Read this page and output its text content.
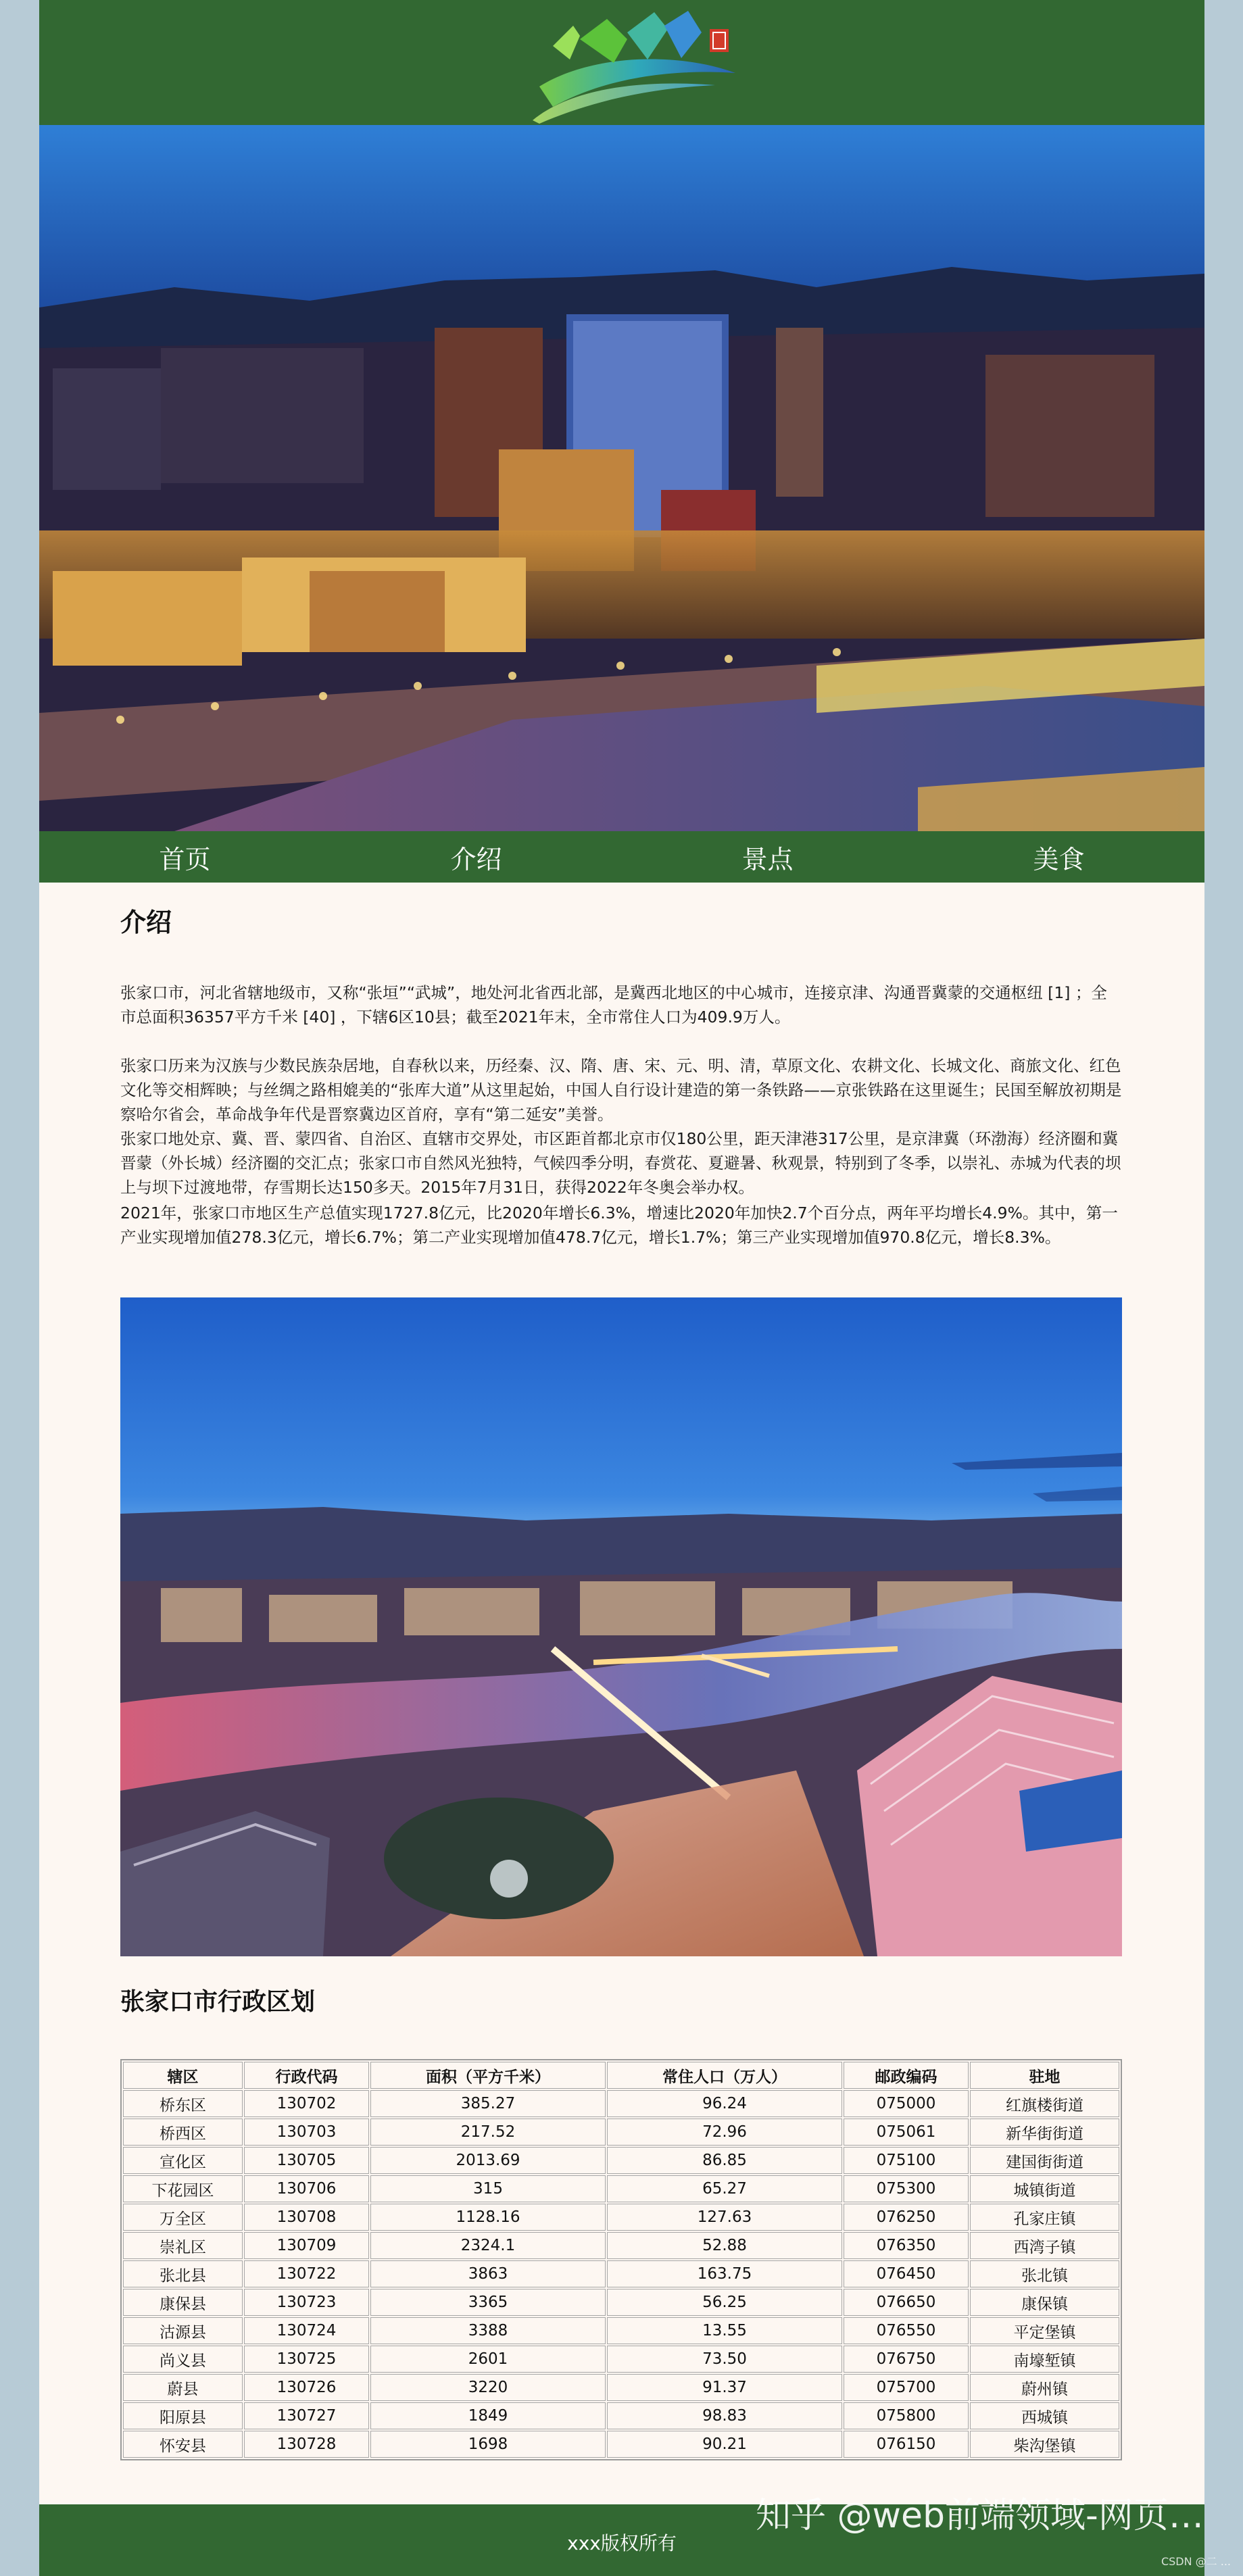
首页	介绍	景点	美食
介绍

张家口市，河北省辖地级市，又称“张垣”“武城”，地处河北省西北部，是冀西北地区的中心城市，连接京津、沟通晋冀蒙的交通枢纽 [1] ；全市总面积36357平方千米 [40] ，下辖6区10县；截至2021年末，全市常住人口为409.9万人。

张家口历来为汉族与少数民族杂居地，自春秋以来，历经秦、汉、隋、唐、宋、元、明、清，草原文化、农耕文化、长城文化、商旅文化、红色文化等交相辉映；与丝绸之路相媲美的“张库大道”从这里起始，中国人自行设计建造的第一条铁路——京张铁路在这里诞生；民国至解放初期是察哈尔省会，革命战争年代是晋察冀边区首府，享有“第二延安”美誉。

张家口地处京、冀、晋、蒙四省、自治区、直辖市交界处，市区距首都北京市仅180公里，距天津港317公里，是京津冀（环渤海）经济圈和冀晋蒙（外长城）经济圈的交汇点；张家口市自然风光独特，气候四季分明，春赏花、夏避暑、秋观景，特别到了冬季，以崇礼、赤城为代表的坝上与坝下过渡地带，存雪期长达150多天。2015年7月31日，获得2022年冬奥会举办权。

2021年，张家口市地区生产总值实现1727.8亿元，比2020年增长6.3%，增速比2020年加快2.7个百分点，两年平均增长4.9%。其中，第一产业实现增加值278.3亿元，增长6.7%；第二产业实现增加值478.7亿元，增长1.7%；第三产业实现增加值970.8亿元，增长8.3%。

张家口市行政区划
辖区	行政代码	面积（平方千米）	常住人口（万人）	邮政编码	驻地
桥东区	130702	385.27	96.24	075000	红旗楼街道
桥西区	130703	217.52	72.96	075061	新华街街道
宣化区	130705	2013.69	86.85	075100	建国街街道
下花园区	130706	315	65.27	075300	城镇街道
万全区	130708	1128.16	127.63	076250	孔家庄镇
崇礼区	130709	2324.1	52.88	076350	西湾子镇
张北县	130722	3863	163.75	076450	张北镇
康保县	130723	3365	56.25	076650	康保镇
沽源县	130724	3388	13.55	076550	平定堡镇
尚义县	130725	2601	73.50	076750	南壕堑镇
蔚县	130726	3220	91.37	075700	蔚州镇
阳原县	130727	1849	98.83	075800	西城镇
怀安县	130728	1698	90.21	076150	柴沟堡镇
xxx版权所有
知乎 @web前端领域-网页…
CSDN @二 ...
